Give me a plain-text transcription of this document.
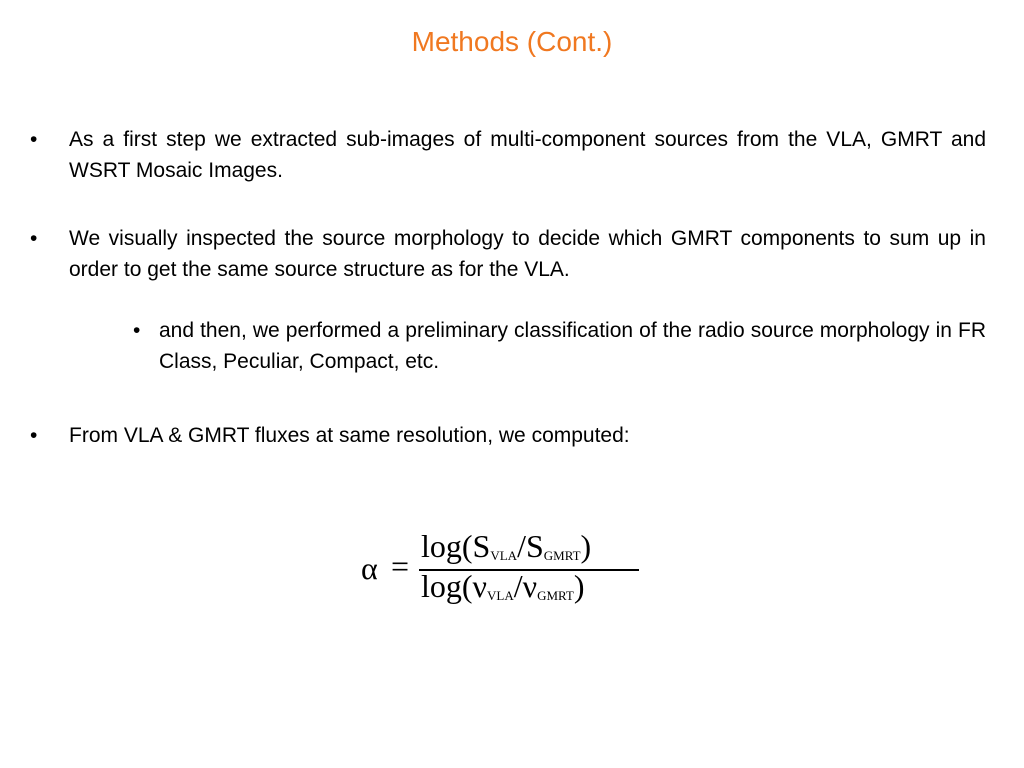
Methods (Cont.)
• As a first step we extracted sub-images of multi-component sources from the VLA, GMRT and WSRT Mosaic Images.
• We visually inspected the source morphology to decide which GMRT components to sum up in order to get the same source structure as for the VLA.
• and then, we performed a preliminary classification of the radio source morphology in FR Class, Peculiar, Compact, etc.
• From VLA & GMRT fluxes at same resolution, we computed:
α =
$\log(S_{VLA}/S_{GMRT})$
$\log(\nu_{VLA}/\nu_{GMRT})$
